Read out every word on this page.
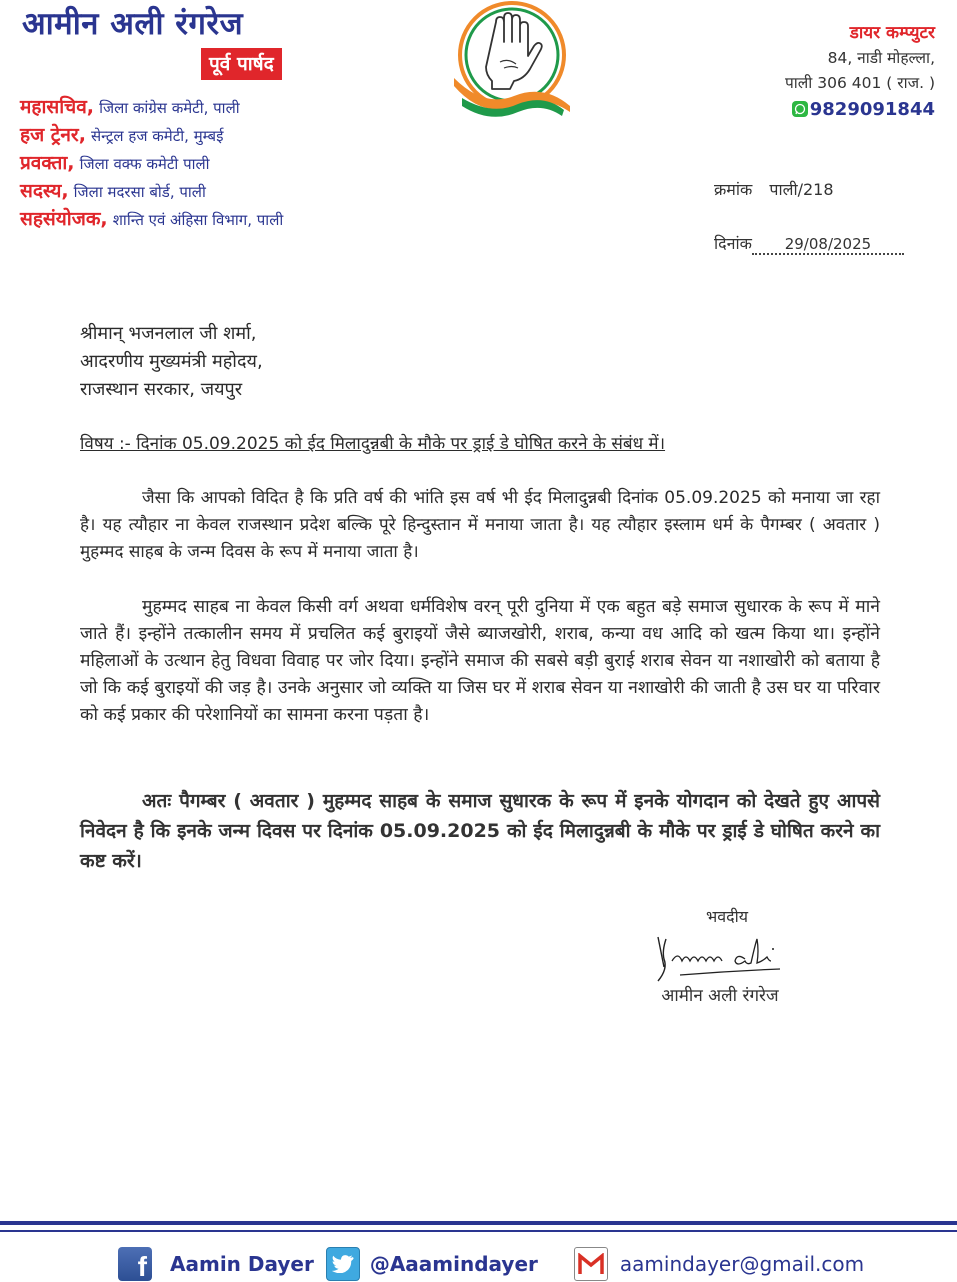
आमीन अली रंगरेज
पूर्व पार्षद
महासचिव, जिला कांग्रेस कमेटी, पाली
हज ट्रेनर, सेन्ट्रल हज कमेटी, मुम्बई
प्रवक्ता, जिला वक्फ कमेटी पाली
सदस्य, जिला मदरसा बोर्ड, पाली
सहसंयोजक, शान्ति एवं अंहिसा विभाग, पाली
डायर कम्प्युटर
84, नाडी मोहल्ला,
पाली 306 401 ( राज. )
9829091844
क्रमांक पाली/218
दिनांक 29/08/2025
श्रीमान् भजनलाल जी शर्मा,
आदरणीय मुख्यमंत्री महोदय,
राजस्थान सरकार, जयपुर
विषय :- दिनांक 05.09.2025 को ईद मिलादुन्नबी के मौके पर ड्राई डे घोषित करने के संबंध में।
जैसा कि आपको विदित है कि प्रति वर्ष की भांति इस वर्ष भी ईद मिलादुन्नबी दिनांक 05.09.2025 को मनाया जा रहा है। यह त्यौहार ना केवल राजस्थान प्रदेश बल्कि पूरे हिन्दुस्तान में मनाया जाता है। यह त्यौहार इस्लाम धर्म के पैगम्बर ( अवतार ) मुहम्मद साहब के जन्म दिवस के रूप में मनाया जाता है।
मुहम्मद साहब ना केवल किसी वर्ग अथवा धर्मविशेष वरन् पूरी दुनिया में एक बहुत बड़े समाज सुधारक के रूप में माने जाते हैं। इन्होंने तत्कालीन समय में प्रचलित कई बुराइयों जैसे ब्याजखोरी, शराब, कन्या वध आदि को खत्म किया था। इन्होंने महिलाओं के उत्थान हेतु विधवा विवाह पर जोर दिया। इन्होंने समाज की सबसे बड़ी बुराई शराब सेवन या नशाखोरी को बताया है जो कि कई बुराइयों की जड़ है। उनके अनुसार जो व्यक्ति या जिस घर में शराब सेवन या नशाखोरी की जाती है उस घर या परिवार को कई प्रकार की परेशानियों का सामना करना पड़ता है।
अतः पैगम्बर ( अवतार ) मुहम्मद साहब के समाज सुधारक के रूप में इनके योगदान को देखते हुए आपसे निवेदन है कि इनके जन्म दिवस पर दिनांक 05.09.2025 को ईद मिलादुन्नबी के मौके पर ड्राई डे घोषित करने का कष्ट करें।
भवदीय
आमीन अली रंगरेज
f Aamin Dayer	@Aaamindayer	aamindayer@gmail.com
